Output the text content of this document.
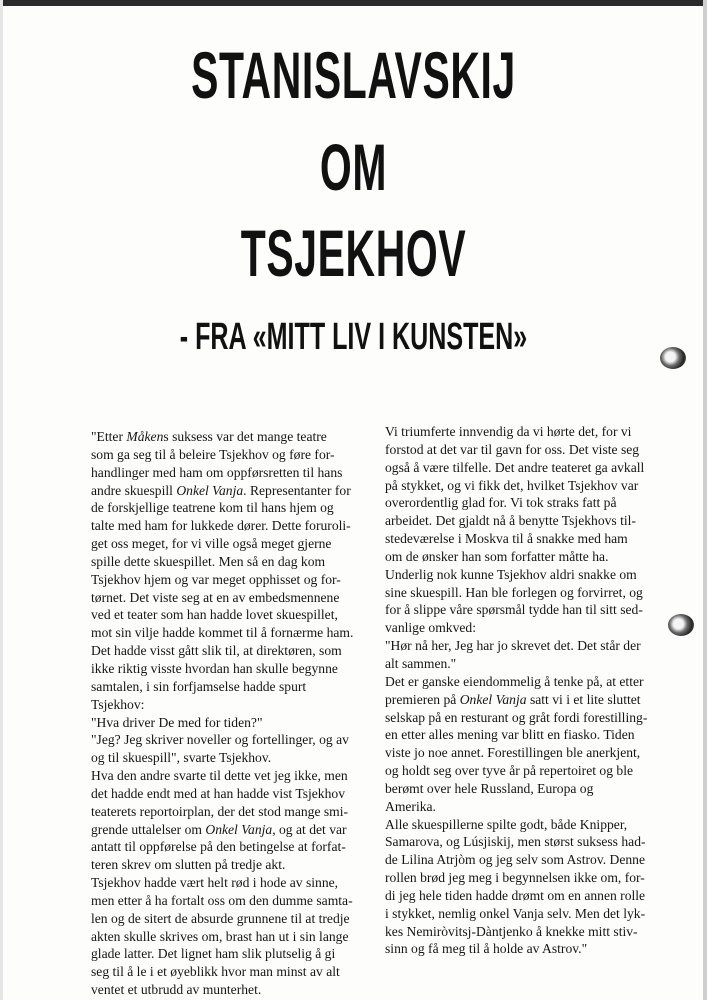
STANISLAVSKIJ
OM
TSJEKHOV
- FRA «MITT LIV I KUNSTEN»
"Etter Måkens suksess var det mange teatre
som ga seg til å beleire Tsjekhov og føre for-
handlinger med ham om oppførsretten til hans
andre skuespill Onkel Vanja. Representanter for
de forskjellige teatrene kom til hans hjem og
talte med ham for lukkede dører. Dette foruroli-
get oss meget, for vi ville også meget gjerne
spille dette skuespillet. Men så en dag kom
Tsjekhov hjem og var meget opphisset og for-
tørnet. Det viste seg at en av embedsmennene
ved et teater som han hadde lovet skuespillet,
mot sin vilje hadde kommet til å fornærme ham.
Det hadde visst gått slik til, at direktøren, som
ikke riktig visste hvordan han skulle begynne
samtalen, i sin forfjamselse hadde spurt
Tsjekhov:
"Hva driver De med for tiden?"
"Jeg? Jeg skriver noveller og fortellinger, og av
og til skuespill", svarte Tsjekhov.
Hva den andre svarte til dette vet jeg ikke, men
det hadde endt med at han hadde vist Tsjekhov
teaterets reportoirplan, der det stod mange smi-
grende uttalelser om Onkel Vanja, og at det var
antatt til oppførelse på den betingelse at forfat-
teren skrev om slutten på tredje akt.
Tsjekhov hadde vært helt rød i hode av sinne,
men etter å ha fortalt oss om den dumme samta-
len og de sitert de absurde grunnene til at tredje
akten skulle skrives om, brast han ut i sin lange
glade latter. Det lignet ham slik plutselig å gi
seg til å le i et øyeblikk hvor man minst av alt
ventet et utbrudd av munterhet.
Vi triumferte innvendig da vi hørte det, for vi
forstod at det var til gavn for oss. Det viste seg
også å være tilfelle. Det andre teateret ga avkall
på stykket, og vi fikk det, hvilket Tsjekhov var
overordentlig glad for. Vi tok straks fatt på
arbeidet. Det gjaldt nå å benytte Tsjekhovs til-
stedeværelse i Moskva til å snakke med ham
om de ønsker han som forfatter måtte ha.
Underlig nok kunne Tsjekhov aldri snakke om
sine skuespill. Han ble forlegen og forvirret, og
for å slippe våre spørsmål tydde han til sitt sed-
vanlige omkved:
"Hør nå her, Jeg har jo skrevet det. Det står der
alt sammen."
Det er ganske eiendommelig å tenke på, at etter
premieren på Onkel Vanja satt vi i et lite sluttet
selskap på en resturant og gråt fordi forestilling-
en etter alles mening var blitt en fiasko. Tiden
viste jo noe annet. Forestillingen ble anerkjent,
og holdt seg over tyve år på repertoiret og ble
berømt over hele Russland, Europa og
Amerika.
Alle skuespillerne spilte godt, både Knipper,
Samarova, og Lúsjiskij, men størst suksess had-
de Lilina Atrjòm og jeg selv som Astrov. Denne
rollen brød jeg meg i begynnelsen ikke om, for-
di jeg hele tiden hadde drømt om en annen rolle
i stykket, nemlig onkel Vanja selv. Men det lyk-
kes Nemiròvitsj-Dàntjenko å knekke mitt stiv-
sinn og få meg til å holde av Astrov."
